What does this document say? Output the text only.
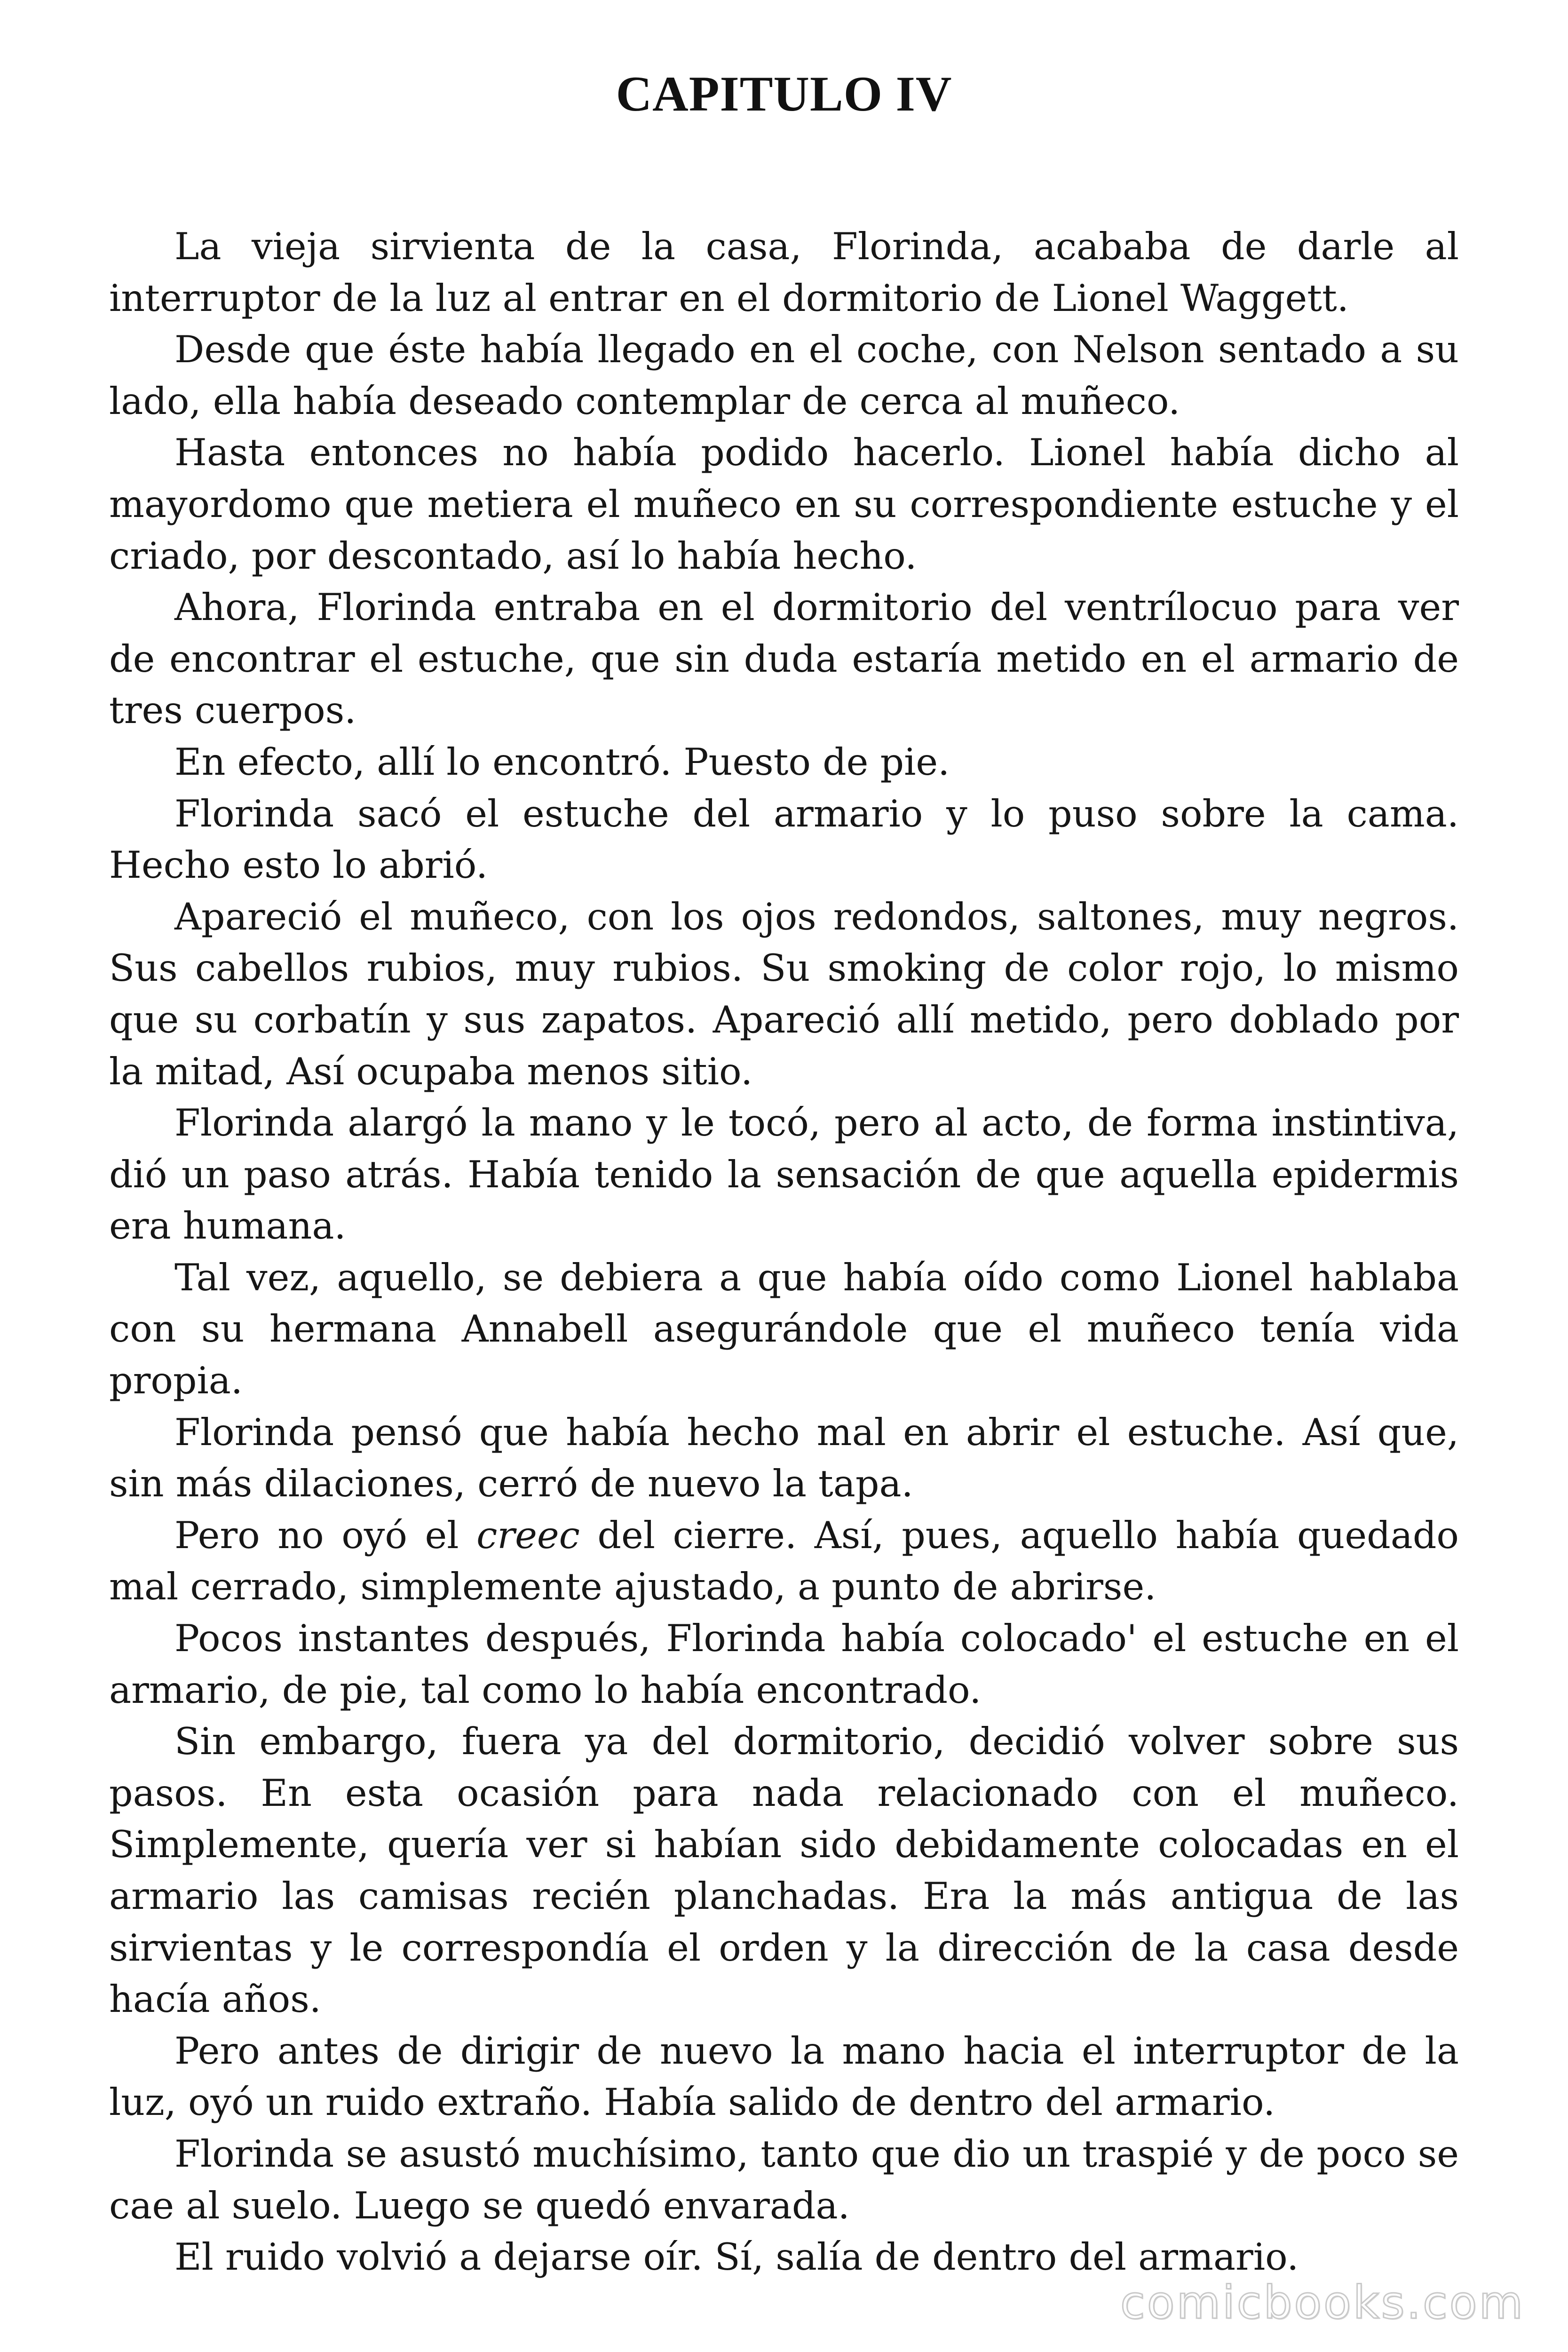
CAPITULO IV

La vieja sirvienta de la casa, Florinda, acababa de darle al interruptor de la luz al entrar en el dormitorio de Lionel Waggett.

Desde que éste había llegado en el coche, con Nelson sentado a su lado, ella había deseado contemplar de cerca al muñeco.

Hasta entonces no había podido hacerlo. Lionel había dicho al mayordomo que metiera el muñeco en su correspondiente estuche y el criado, por descontado, así lo había hecho.

Ahora, Florinda entraba en el dormitorio del ventrílocuo para ver de encontrar el estuche, que sin duda estaría metido en el armario de tres cuerpos.

En efecto, allí lo encontró. Puesto de pie.

Florinda sacó el estuche del armario y lo puso sobre la cama. Hecho esto lo abrió.

Apareció el muñeco, con los ojos redondos, saltones, muy negros. Sus cabellos rubios, muy rubios. Su smoking de color rojo, lo mismo que su corbatín y sus zapatos. Apareció allí metido, pero doblado por la mitad, Así ocupaba menos sitio.

Florinda alargó la mano y le tocó, pero al acto, de forma instintiva, dió un paso atrás. Había tenido la sensación de que aquella epidermis era humana.

Tal vez, aquello, se debiera a que había oído como Lionel hablaba con su hermana Annabell asegurándole que el muñeco tenía vida propia.

Florinda pensó que había hecho mal en abrir el estuche. Así que, sin más dilaciones, cerró de nuevo la tapa.

Pero no oyó el creec del cierre. Así, pues, aquello había quedado mal cerrado, simplemente ajustado, a punto de abrirse.

Pocos instantes después, Florinda había colocado' el estuche en el armario, de pie, tal como lo había encontrado.

Sin embargo, fuera ya del dormitorio, decidió volver sobre sus pasos. En esta ocasión para nada relacionado con el muñeco. Simplemente, quería ver si habían sido debidamente colocadas en el armario las camisas recién planchadas. Era la más antigua de las sirvientas y le correspondía el orden y la dirección de la casa desde hacía años.

Pero antes de dirigir de nuevo la mano hacia el interruptor de la luz, oyó un ruido extraño. Había salido de dentro del armario.

Florinda se asustó muchísimo, tanto que dio un traspié y de poco se cae al suelo. Luego se quedó envarada.

El ruido volvió a dejarse oír. Sí, salía de dentro del armario.

comicbooks.com
